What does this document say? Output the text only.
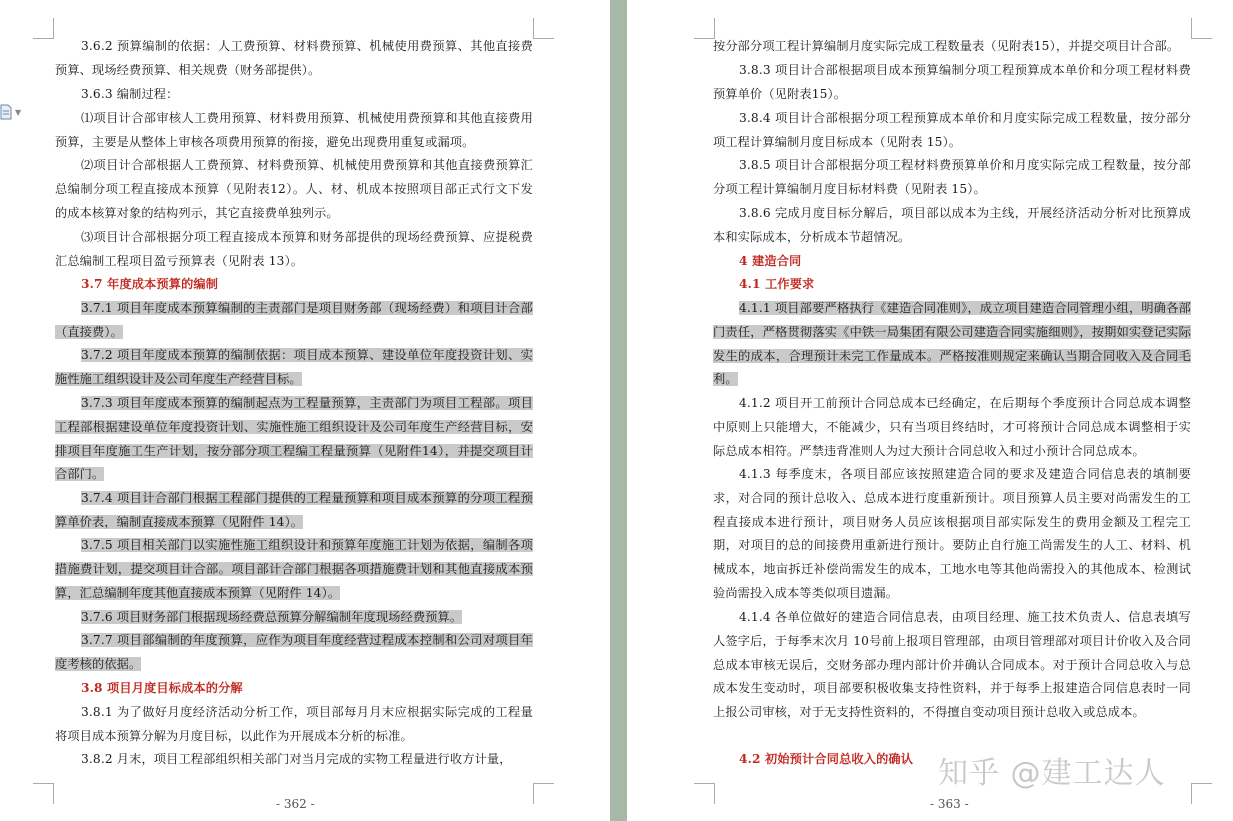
3.6.2 预算编制的依据：人工费预算、材料费预算、机械使用费预算、其他直接费预算、现场经费预算、相关规费（财务部提供）。

3.6.3 编制过程：

⑴项目计合部审核人工费用预算、材料费用预算、机械使用费预算和其他直接费用预算，主要是从整体上审核各项费用预算的衔接，避免出现费用重复或漏项。

⑵项目计合部根据人工费预算、材料费预算、机械使用费预算和其他直接费预算汇总编制分项工程直接成本预算（见附表12）。人、材、机成本按照项目部正式行文下发的成本核算对象的结构列示，其它直接费单独列示。

⑶项目计合部根据分项工程直接成本预算和财务部提供的现场经费预算、应提税费汇总编制工程项目盈亏预算表（见附表 13）。

3.7 年度成本预算的编制

3.7.1 项目年度成本预算编制的主责部门是项目财务部（现场经费）和项目计合部（直接费）。

3.7.2 项目年度成本预算的编制依据：项目成本预算、建设单位年度投资计划、实施性施工组织设计及公司年度生产经营目标。

3.7.3 项目年度成本预算的编制起点为工程量预算，主责部门为项目工程部。项目工程部根据建设单位年度投资计划、实施性施工组织设计及公司年度生产经营目标，安排项目年度施工生产计划，按分部分项工程编工程量预算（见附件14），并提交项目计合部门。

3.7.4 项目计合部门根据工程部门提供的工程量预算和项目成本预算的分项工程预算单价表，编制直接成本预算（见附件 14）。

3.7.5 项目相关部门以实施性施工组织设计和预算年度施工计划为依据，编制各项措施费计划，提交项目计合部。项目部计合部门根据各项措施费计划和其他直接成本预算，汇总编制年度其他直接成本预算（见附件 14）。

3.7.6 项目财务部门根据现场经费总预算分解编制年度现场经费预算。

3.7.7 项目部编制的年度预算，应作为项目年度经营过程成本控制和公司对项目年度考核的依据。

3.8 项目月度目标成本的分解

3.8.1 为了做好月度经济活动分析工作，项目部每月月末应根据实际完成的工程量将项目成本预算分解为月度目标，以此作为开展成本分析的标准。

3.8.2 月末，项目工程部组织相关部门对当月完成的实物工程量进行收方计量，

- 362 -

按分部分项工程计算编制月度实际完成工程数量表（见附表15），并提交项目计合部。

3.8.3 项目计合部根据项目成本预算编制分项工程预算成本单价和分项工程材料费预算单价（见附表15）。

3.8.4 项目计合部根据分项工程预算成本单价和月度实际完成工程数量，按分部分项工程计算编制月度目标成本（见附表 15）。

3.8.5 项目计合部根据分项工程材料费预算单价和月度实际完成工程数量，按分部分项工程计算编制月度目标材料费（见附表 15）。

3.8.6 完成月度目标分解后，项目部以成本为主线，开展经济活动分析对比预算成本和实际成本，分析成本节超情况。

4 建造合同

4.1 工作要求

4.1.1 项目部要严格执行《建造合同准则》，成立项目建造合同管理小组，明确各部门责任，严格贯彻落实《中铁一局集团有限公司建造合同实施细则》，按期如实登记实际发生的成本，合理预计未完工作量成本。严格按准则规定来确认当期合同收入及合同毛利。

4.1.2 项目开工前预计合同总成本已经确定，在后期每个季度预计合同总成本调整中原则上只能增大，不能减少，只有当项目终结时，才可将预计合同总成本调整相于实际总成本相符。严禁违背准则人为过大预计合同总收入和过小预计合同总成本。

4.1.3 每季度末，各项目部应该按照建造合同的要求及建造合同信息表的填制要求，对合同的预计总收入、总成本进行度重新预计。项目预算人员主要对尚需发生的工程直接成本进行预计，项目财务人员应该根据项目部实际发生的费用金额及工程完工期，对项目的总的间接费用重新进行预计。要防止自行施工尚需发生的人工、材料、机械成本，地亩拆迁补偿尚需发生的成本，工地水电等其他尚需投入的其他成本、检测试验尚需投入成本等类似项目遗漏。

4.1.4 各单位做好的建造合同信息表，由项目经理、施工技术负责人、信息表填写人签字后，于每季末次月 10号前上报项目管理部，由项目管理部对项目计价收入及合同总成本审核无误后，交财务部办理内部计价并确认合同成本。对于预计合同总收入与总成本发生变动时，项目部要积极收集支持性资料，并于每季上报建造合同信息表时一同上报公司审核，对于无支持性资料的，不得擅自变动项目预计总收入或总成本。

4.2 初始预计合同总收入的确认

- 363 -
▼
知乎 @建工达人
